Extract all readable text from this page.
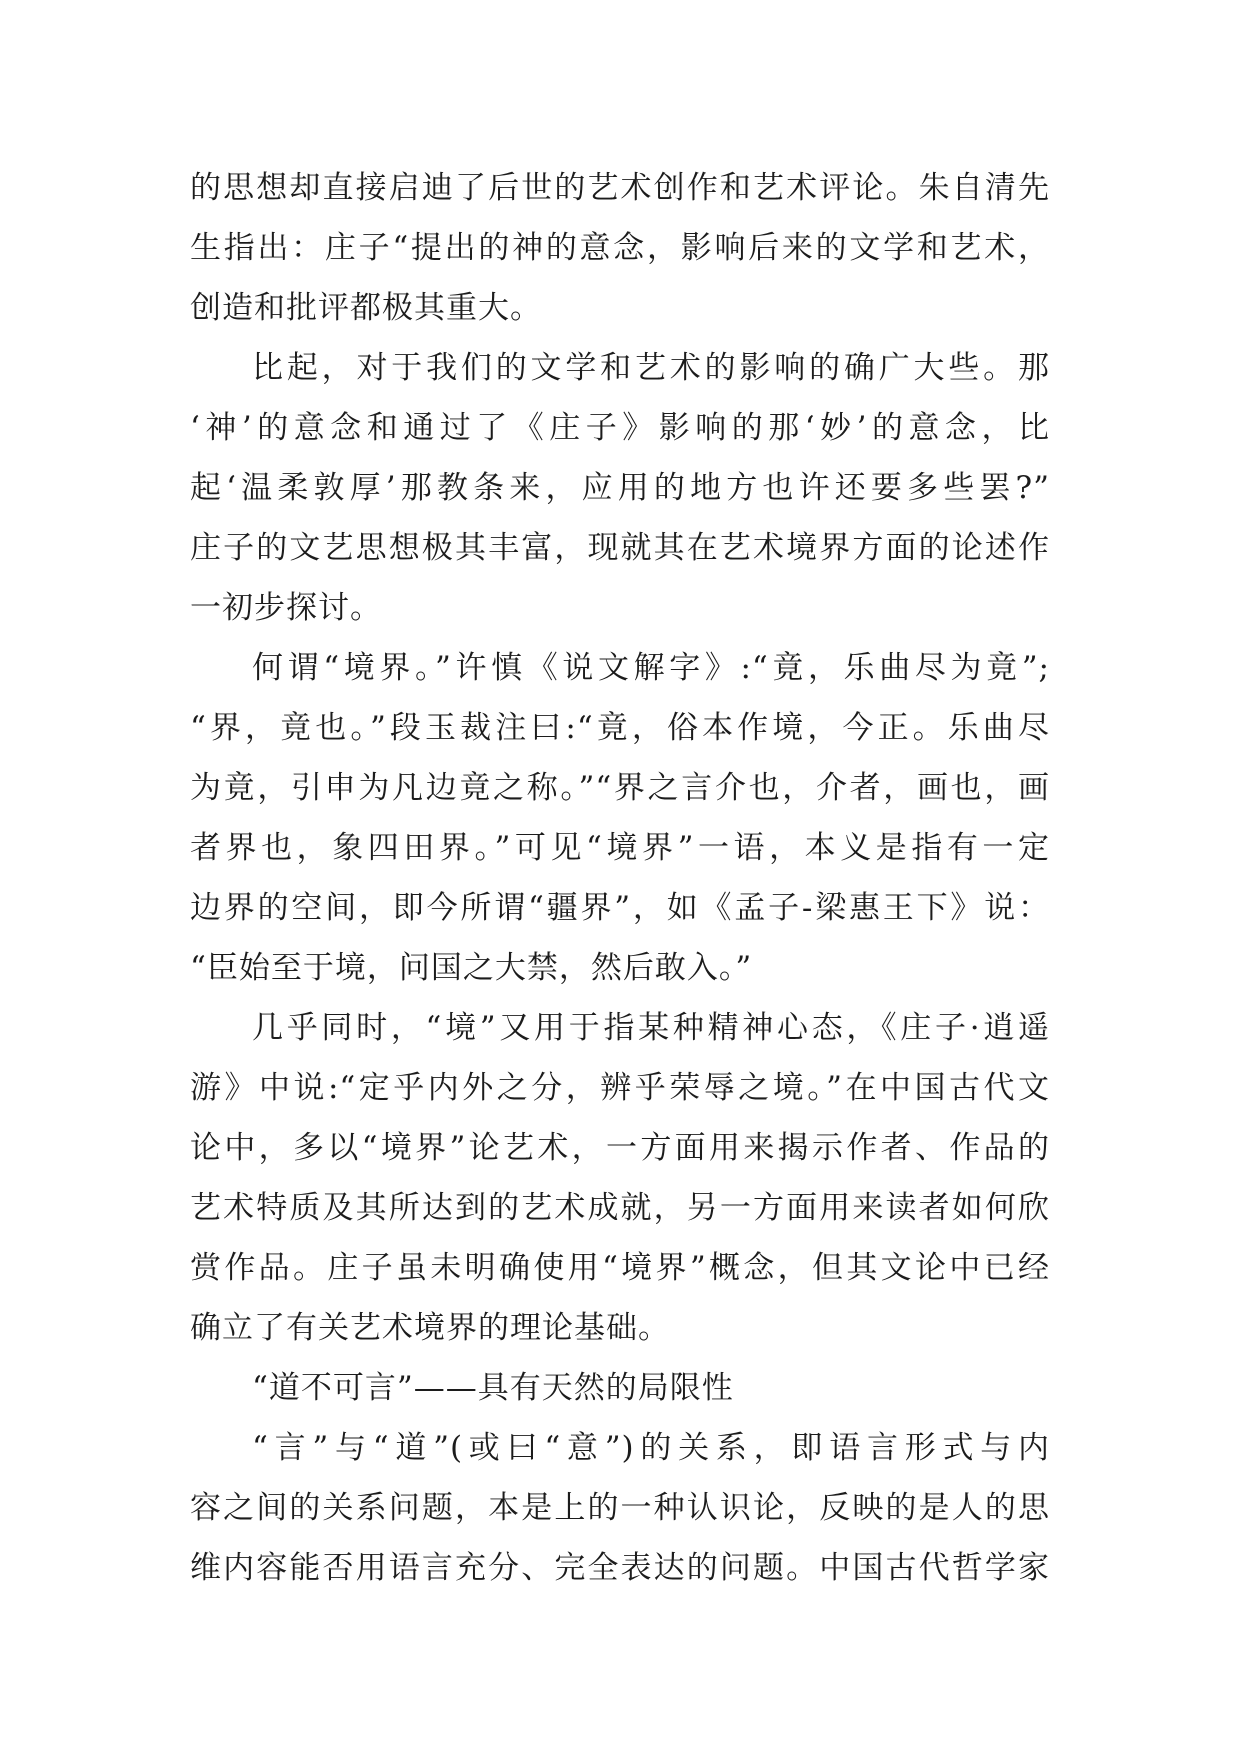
的思想却直接启迪了后世的艺术创作和艺术评论。朱自清先
生指出：庄子“提出的神的意念，影响后来的文学和艺术，
创造和批评都极其重大。
比起，对于我们的文学和艺术的影响的确广大些。那
‘神’的意念和通过了《庄子》影响的那‘妙’的意念，比
起‘温柔敦厚’那教条来，应用的地方也许还要多些罢?”
庄子的文艺思想极其丰富，现就其在艺术境界方面的论述作
一初步探讨。
何谓“境界。”许慎《说文解字》:“竟，乐曲尽为竟”;
“界，竟也。”段玉裁注曰:“竟，俗本作境，今正。乐曲尽
为竟，引申为凡边竟之称。”“界之言介也，介者，画也，画
者界也，象四田界。”可见“境界”一语，本义是指有一定
边界的空间，即今所谓“疆界”，如《孟子-梁惠王下》说：
“臣始至于境，问国之大禁，然后敢入。”
几乎同时，“境”又用于指某种精神心态，《庄子·逍遥
游》中说:“定乎内外之分，辨乎荣辱之境。”在中国古代文
论中，多以“境界”论艺术，一方面用来揭示作者、作品的
艺术特质及其所达到的艺术成就，另一方面用来读者如何欣
赏作品。庄子虽未明确使用“境界”概念，但其文论中已经
确立了有关艺术境界的理论基础。
“道不可言”——具有天然的局限性
“言”与“道”(或曰“意”)的关系，即语言形式与内
容之间的关系问题，本是上的一种认识论，反映的是人的思
维内容能否用语言充分、完全表达的问题。中国古代哲学家
